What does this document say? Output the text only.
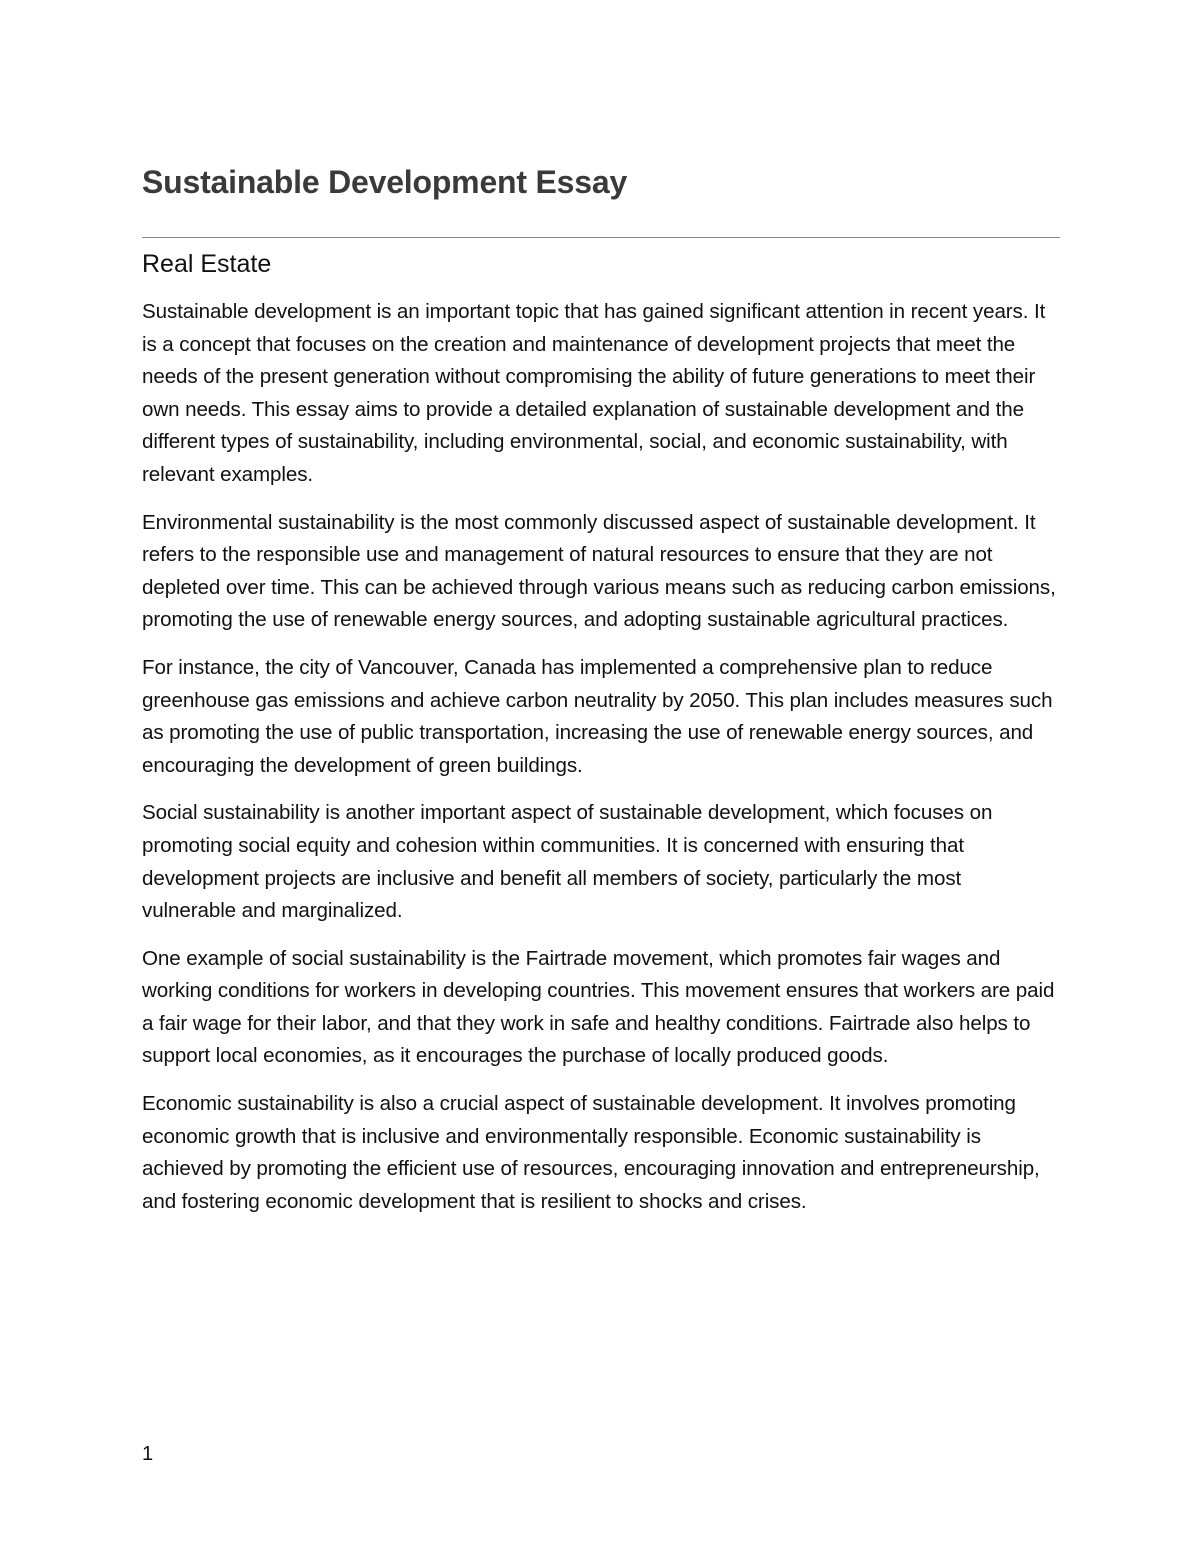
Sustainable Development Essay
Real Estate

Sustainable development is an important topic that has gained significant attention in recent years. It is a concept that focuses on the creation and maintenance of development projects that meet the needs of the present generation without compromising the ability of future generations to meet their own needs. This essay aims to provide a detailed explanation of sustainable development and the different types of sustainability, including environmental, social, and economic sustainability, with relevant examples.

Environmental sustainability is the most commonly discussed aspect of sustainable development. It refers to the responsible use and management of natural resources to ensure that they are not depleted over time. This can be achieved through various means such as reducing carbon emissions, promoting the use of renewable energy sources, and adopting sustainable agricultural practices.

For instance, the city of Vancouver, Canada has implemented a comprehensive plan to reduce greenhouse gas emissions and achieve carbon neutrality by 2050. This plan includes measures such as promoting the use of public transportation, increasing the use of renewable energy sources, and encouraging the development of green buildings.

Social sustainability is another important aspect of sustainable development, which focuses on promoting social equity and cohesion within communities. It is concerned with ensuring that development projects are inclusive and benefit all members of society, particularly the most vulnerable and marginalized.

One example of social sustainability is the Fairtrade movement, which promotes fair wages and working conditions for workers in developing countries. This movement ensures that workers are paid a fair wage for their labor, and that they work in safe and healthy conditions. Fairtrade also helps to support local economies, as it encourages the purchase of locally produced goods.

Economic sustainability is also a crucial aspect of sustainable development. It involves promoting economic growth that is inclusive and environmentally responsible. Economic sustainability is achieved by promoting the efficient use of resources, encouraging innovation and entrepreneurship, and fostering economic development that is resilient to shocks and crises.

1
